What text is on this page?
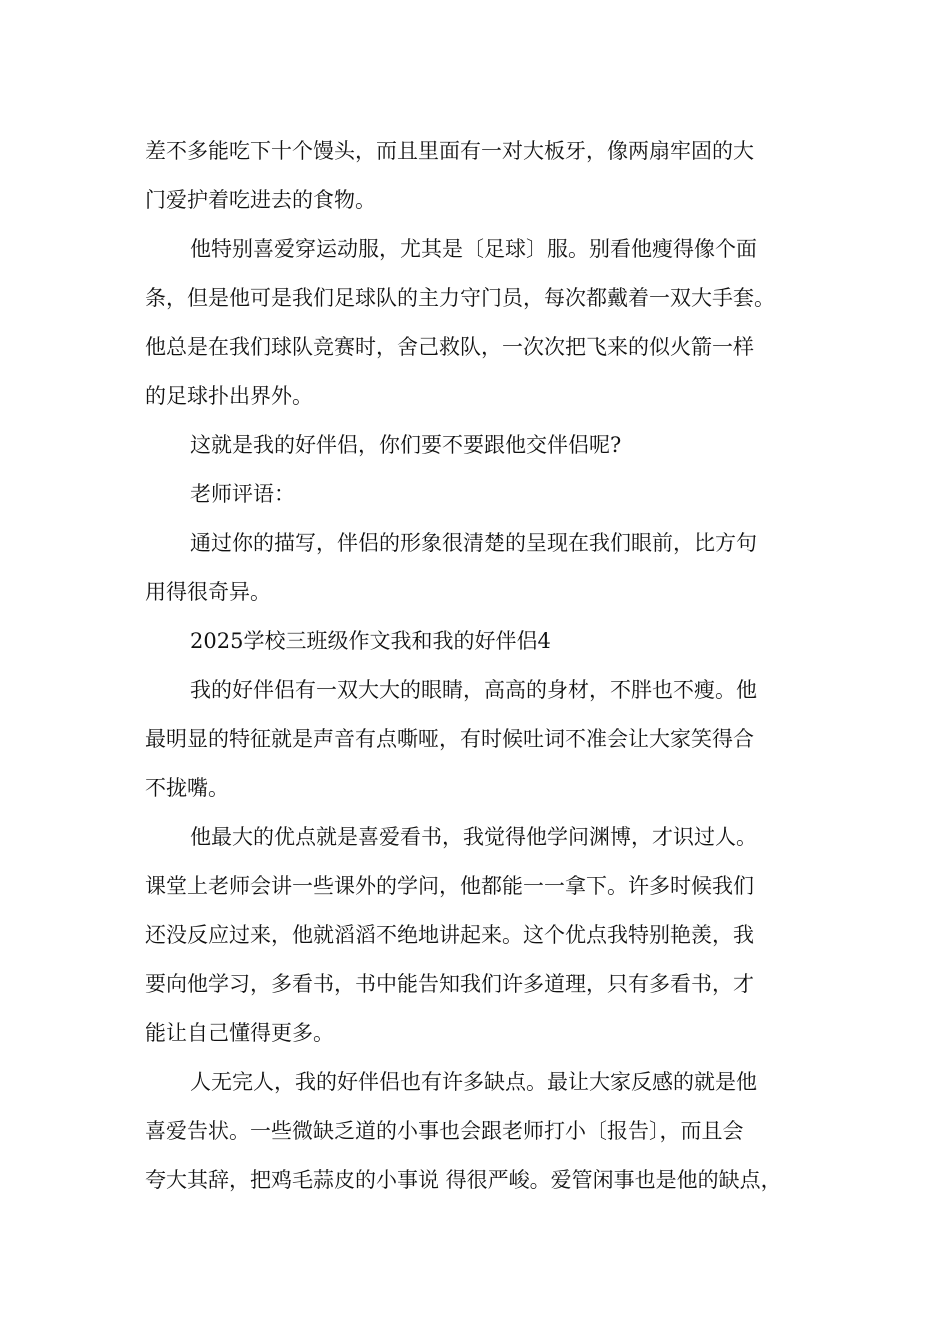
差不多能吃下十个馒头，而且里面有一对大板牙，像两扇牢固的大
门爱护着吃进去的食物。
他特别喜爱穿运动服，尤其是〔足球〕服。别看他瘦得像个面
条，但是他可是我们足球队的主力守门员，每次都戴着一双大手套。
他总是在我们球队竞赛时，舍己救队，一次次把飞来的似火箭一样
的足球扑出界外。
这就是我的好伴侣，你们要不要跟他交伴侣呢?
老师评语：
通过你的描写，伴侣的形象很清楚的呈现在我们眼前，比方句
用得很奇异。
2025学校三班级作文我和我的好伴侣4
我的好伴侣有一双大大的眼睛，高高的身材，不胖也不瘦。他
最明显的特征就是声音有点嘶哑，有时候吐词不准会让大家笑得合
不拢嘴。
他最大的优点就是喜爱看书，我觉得他学问渊博，才识过人。
课堂上老师会讲一些课外的学问，他都能一一拿下。许多时候我们
还没反应过来，他就滔滔不绝地讲起来。这个优点我特别艳羡，我
要向他学习，多看书，书中能告知我们许多道理，只有多看书，才
能让自己懂得更多。
人无完人，我的好伴侣也有许多缺点。最让大家反感的就是他
喜爱告状。一些微缺乏道的小事也会跟老师打小〔报告〕，而且会
夸大其辞，把鸡毛蒜皮的小事说 得很严峻。爱管闲事也是他的缺点，
